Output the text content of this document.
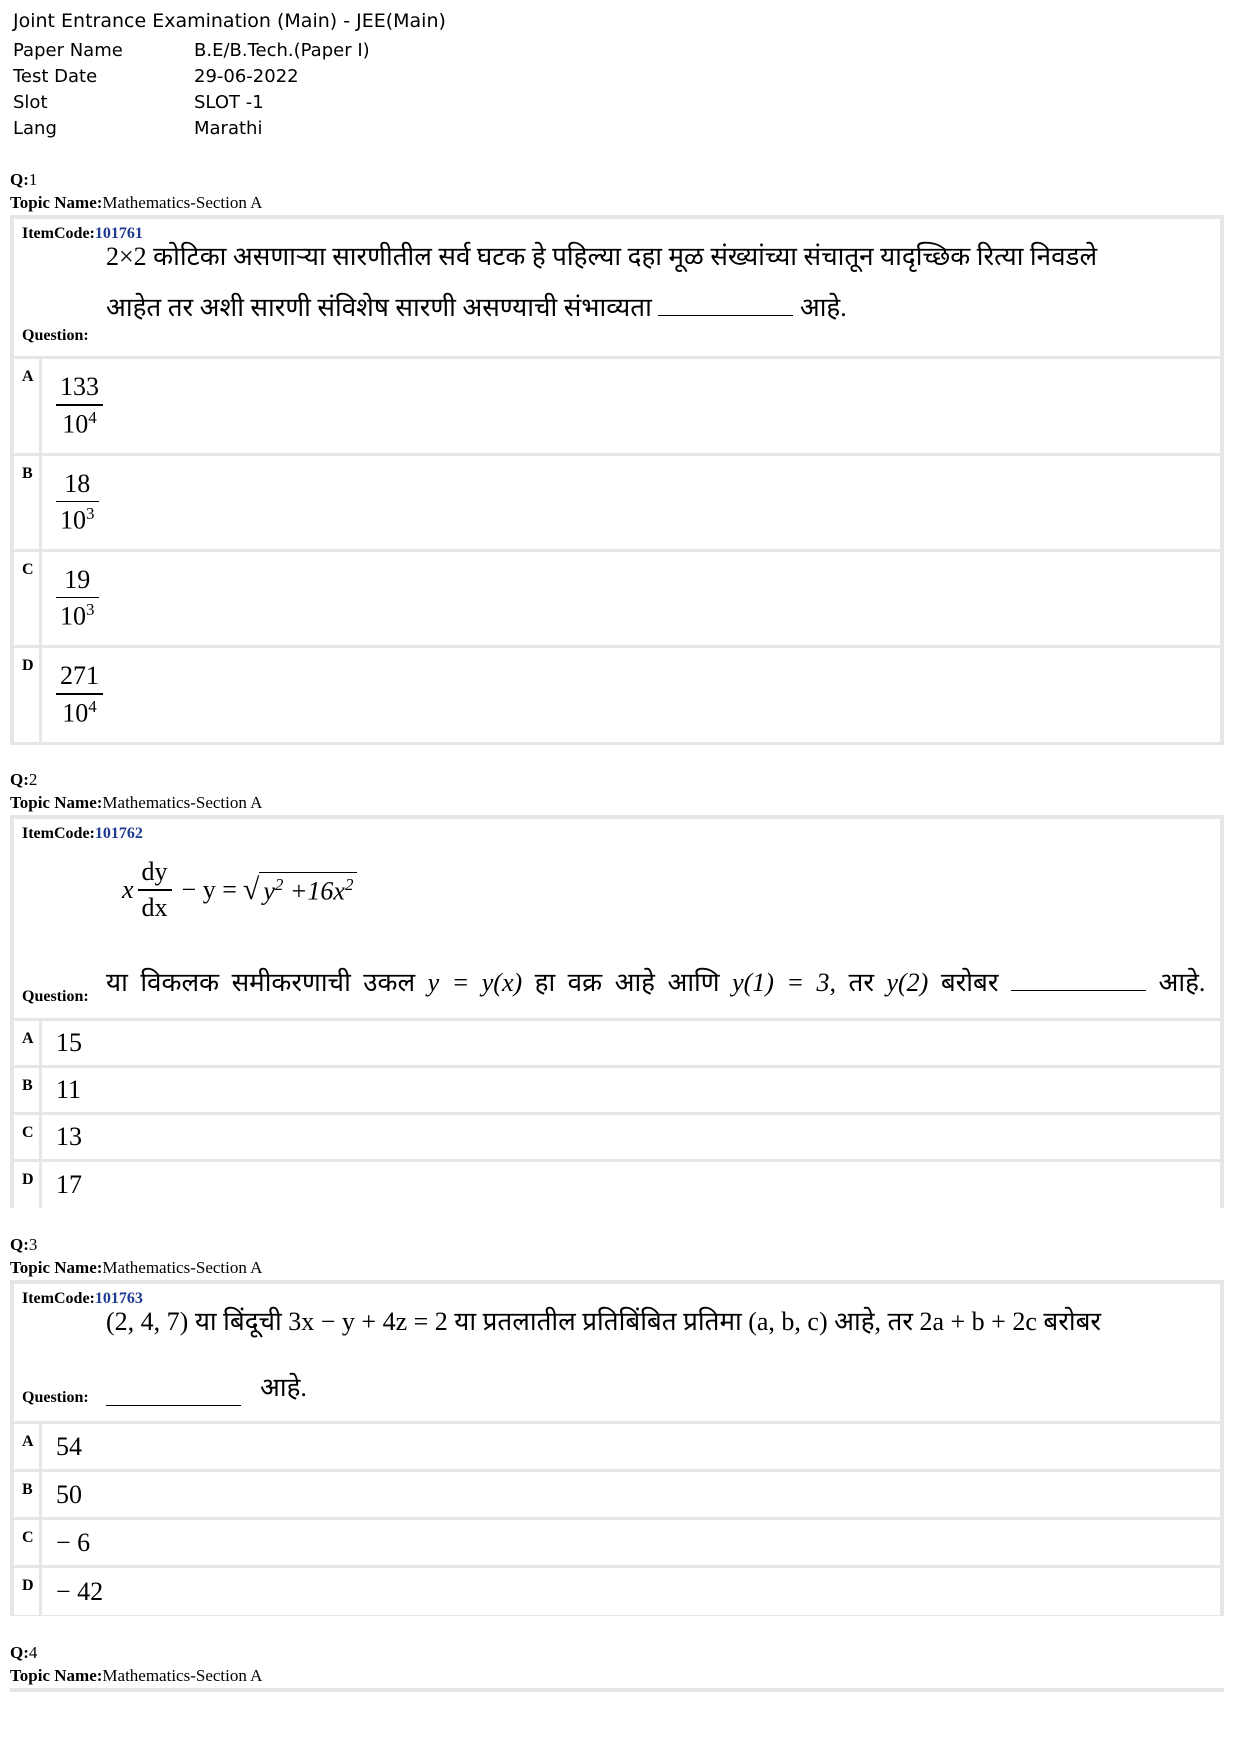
Joint Entrance Examination (Main) - JEE(Main)
Paper Name	B.E/B.Tech.(Paper I)
Test Date	29-06-2022
Slot	SLOT -1
Lang	Marathi
Q:1
Topic Name:Mathematics-Section A
ItemCode:101761
2×2 कोटिका असणाऱ्या सारणीतील सर्व घटक हे पहिल्या दहा मूळ संख्यांच्या संचातून यादृच्छिक रित्या निवडले
आहेत तर अशी सारणी संविशेष सारणी असण्याची संभाव्यता	आहे.
Question:
A $\frac{133}{10^4}$
B $\frac{18}{10^3}$
C $\frac{19}{10^3}$
D $\frac{271}{10^4}$
Q:2
Topic Name:Mathematics-Section A
ItemCode:101762
x $\frac{dy}{dx} - y$ = √ $y^2 +16x^2$
या विकलक समीकरणाची उकल y = y(x) हा वक्र आहे आणि y(1) = 3, तर y(2) बरोबर	आहे.
Question:
A 15
B 11
C 13
D 17
Q:3
Topic Name:Mathematics-Section A
ItemCode:101763
(2, 4, 7) या बिंदूची 3x − y + 4z = 2 या प्रतलातील प्रतिबिंबित प्रतिमा (a, b, c) आहे, तर 2a + b + 2c बरोबर
Question:	आहे.
A 54
B 50
C − 6
D − 42
Q:4
Topic Name:Mathematics-Section A
